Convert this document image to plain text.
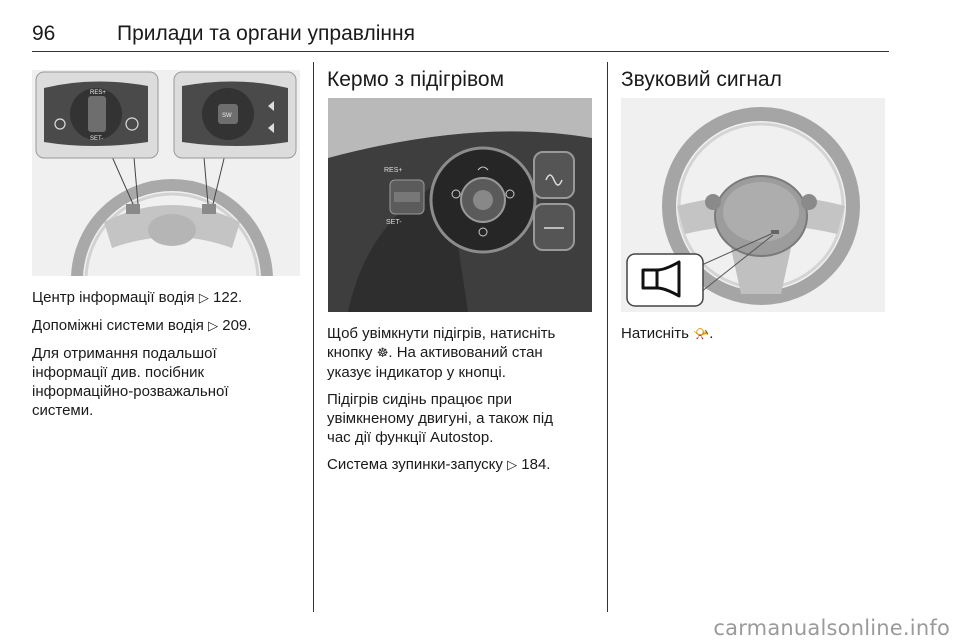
96	Прилади та органи управління
RES+
SET-
SW

Центр інформації водія ▷ 122.

Допоміжні системи водія ▷ 209.

Для отримання подальшої
інформації див. посібник
інформаційно-розважальної
системи.

Кермо з підігрівом
RES+
SET-

Щоб увімкнути підігрів, натисніть
кнопку ☸. На активований стан
указує індикатор у кнопці.

Підігрів сидінь працює при
увімкненому двигуні, а також під
час дії функції Autostop.

Система зупинки-запуску ▷ 184.

Звуковий сигнал

Натисніть 📯.

carmanualsonline.info
